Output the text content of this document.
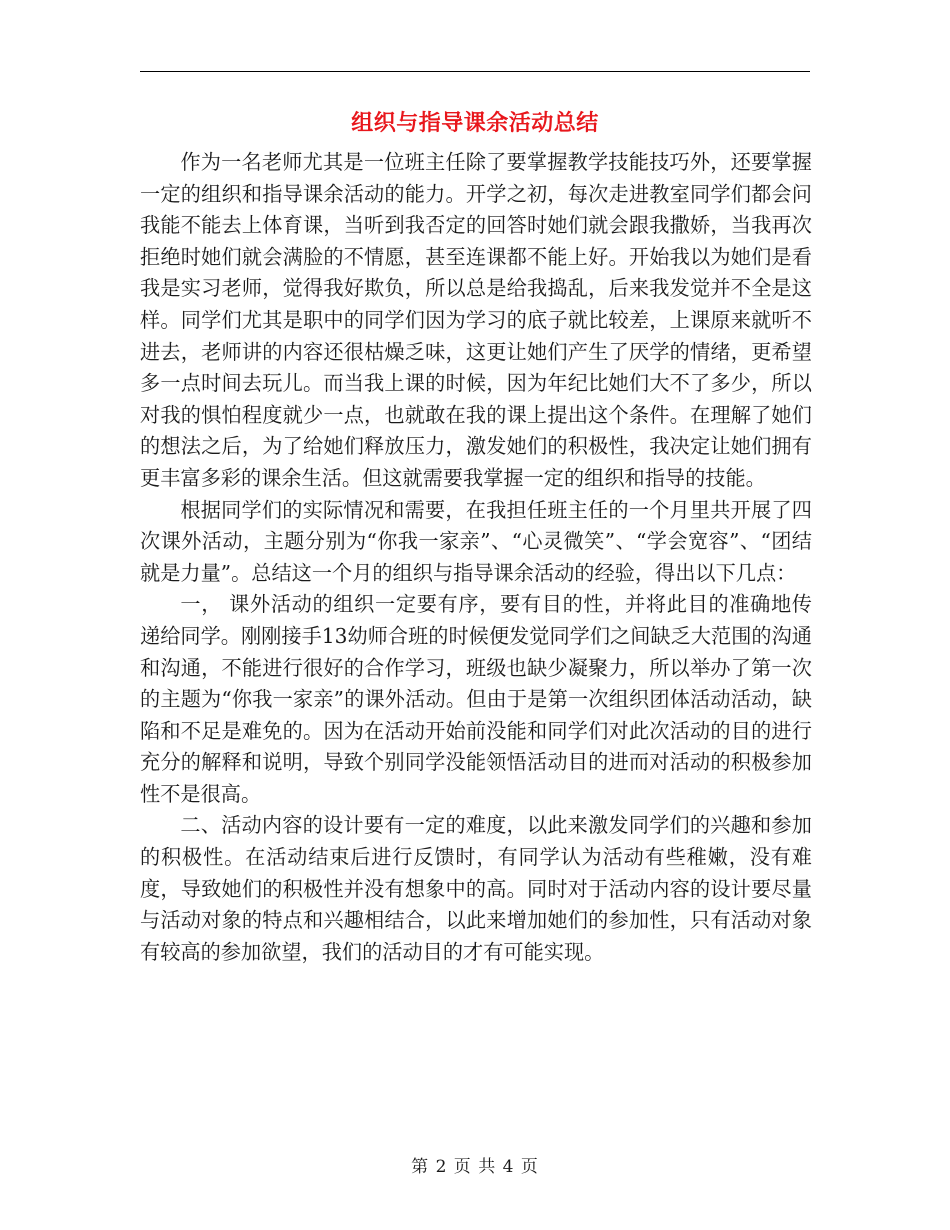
组织与指导课余活动总结

作为一名老师尤其是一位班主任除了要掌握教学技能技巧外，还要掌握一定的组织和指导课余活动的能力。开学之初，每次走进教室同学们都会问我能不能去上体育课，当听到我否定的回答时她们就会跟我撒娇，当我再次拒绝时她们就会满脸的不情愿，甚至连课都不能上好。开始我以为她们是看我是实习老师，觉得我好欺负，所以总是给我捣乱，后来我发觉并不全是这样。同学们尤其是职中的同学们因为学习的底子就比较差，上课原来就听不进去，老师讲的内容还很枯燥乏味，这更让她们产生了厌学的情绪，更希望多一点时间去玩儿。而当我上课的时候，因为年纪比她们大不了多少，所以对我的惧怕程度就少一点，也就敢在我的课上提出这个条件。在理解了她们的想法之后，为了给她们释放压力，激发她们的积极性，我决定让她们拥有更丰富多彩的课余生活。但这就需要我掌握一定的组织和指导的技能。

根据同学们的实际情况和需要，在我担任班主任的一个月里共开展了四次课外活动，主题分别为“你我一家亲”、“心灵微笑”、“学会宽容”、“团结就是力量”。总结这一个月的组织与指导课余活动的经验，得出以下几点：

一， 课外活动的组织一定要有序，要有目的性，并将此目的准确地传递给同学。刚刚接手13幼师合班的时候便发觉同学们之间缺乏大范围的沟通和沟通，不能进行很好的合作学习，班级也缺少凝聚力，所以举办了第一次的主题为“你我一家亲”的课外活动。但由于是第一次组织团体活动活动，缺陷和不足是难免的。因为在活动开始前没能和同学们对此次活动的目的进行充分的解释和说明，导致个别同学没能领悟活动目的进而对活动的积极参加性不是很高。

二、活动内容的设计要有一定的难度，以此来激发同学们的兴趣和参加的积极性。在活动结束后进行反馈时，有同学认为活动有些稚嫩，没有难度，导致她们的积极性并没有想象中的高。同时对于活动内容的设计要尽量与活动对象的特点和兴趣相结合，以此来增加她们的参加性，只有活动对象有较高的参加欲望，我们的活动目的才有可能实现。

第 2 页 共 4 页
